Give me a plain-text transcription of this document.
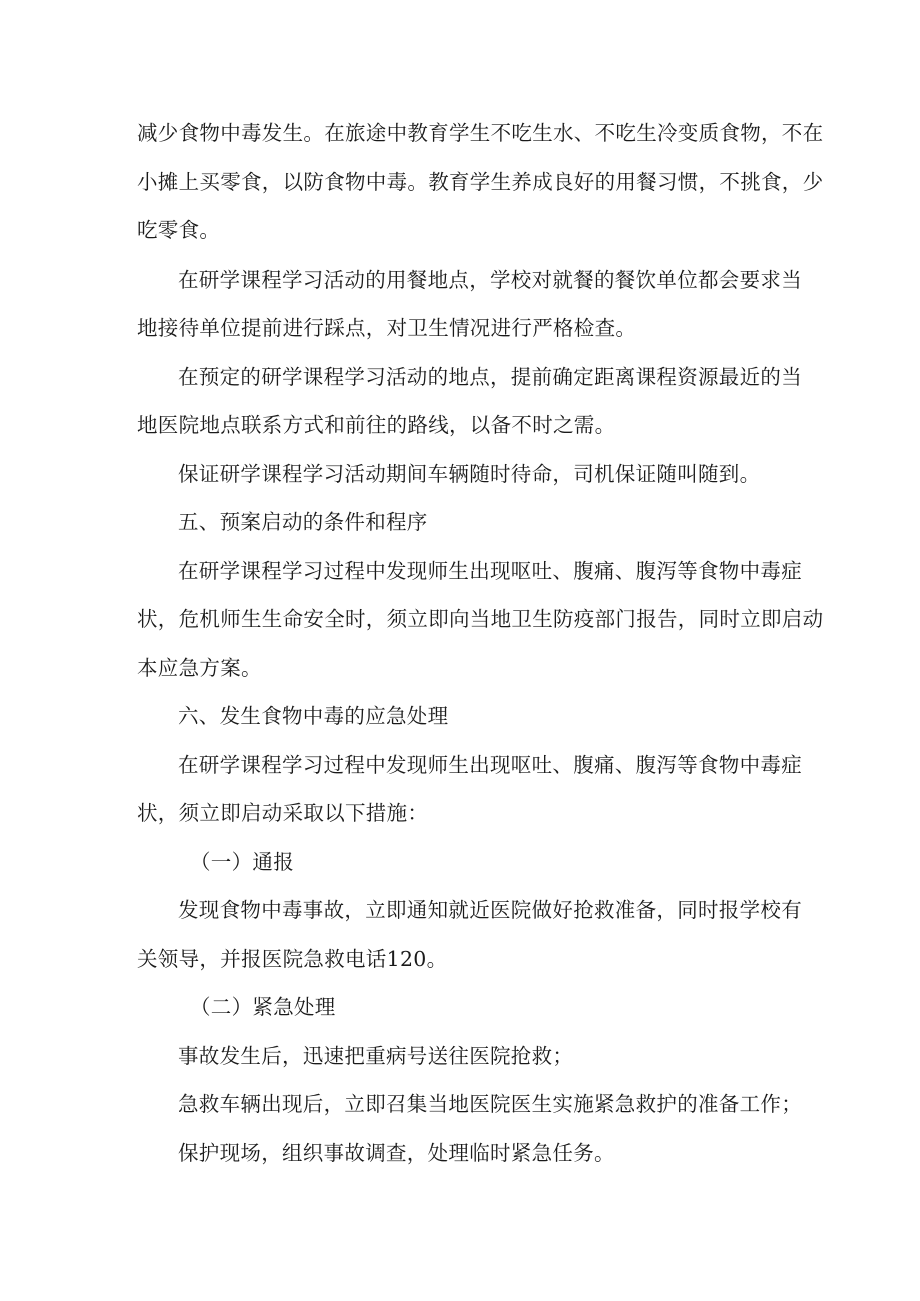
减少食物中毒发生。在旅途中教育学生不吃生水、不吃生冷变质食物，不在
小摊上买零食，以防食物中毒。教育学生养成良好的用餐习惯，不挑食，少
吃零食。
在研学课程学习活动的用餐地点，学校对就餐的餐饮单位都会要求当
地接待单位提前进行踩点，对卫生情况进行严格检查。
在预定的研学课程学习活动的地点，提前确定距离课程资源最近的当
地医院地点联系方式和前往的路线，以备不时之需。
保证研学课程学习活动期间车辆随时待命，司机保证随叫随到。
五、预案启动的条件和程序
在研学课程学习过程中发现师生出现呕吐、腹痛、腹泻等食物中毒症
状，危机师生生命安全时，须立即向当地卫生防疫部门报告，同时立即启动
本应急方案。
六、发生食物中毒的应急处理
在研学课程学习过程中发现师生出现呕吐、腹痛、腹泻等食物中毒症
状，须立即启动采取以下措施：
（一）通报
发现食物中毒事故，立即通知就近医院做好抢救准备，同时报学校有
关领导，并报医院急救电话120。
（二）紧急处理
事故发生后，迅速把重病号送往医院抢救；
急救车辆出现后，立即召集当地医院医生实施紧急救护的准备工作；
保护现场，组织事故调查，处理临时紧急任务。
